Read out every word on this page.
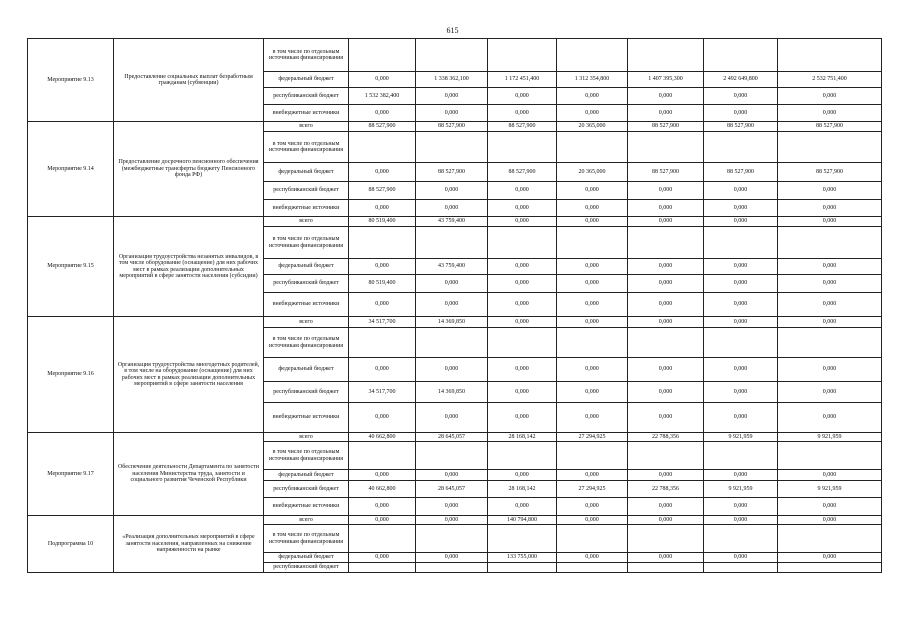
615
Мероприятие 9.13	Предоставление социальных выплат безработным гражданам (субвенции)	в том числе по отдельным источникам финансирования							
		федеральный бюджет	0,000	1 338 362,100	1 172 451,400	1 312 354,800	1 407 395,300	2 492 649,800	2 532 751,400
		республиканский бюджет	1 532 382,400	0,000	0,000	0,000	0,000	0,000	0,000
		внебюджетные источники	0,000	0,000	0,000	0,000	0,000	0,000	0,000
Мероприятие 9.14	Предоставление досрочного пенсионного обеспечения (межбюджетные трансферты бюджету Пенсионного фонда РФ)	всего	88 527,900	88 527,900	88 527,900	20 365,000	88 527,900	88 527,900	88 527,900
		в том числе по отдельным источникам финансирования							
		федеральный бюджет	0,000	88 527,900	88 527,900	20 365,000	88 527,900	88 527,900	88 527,900
		республиканский бюджет	88 527,900	0,000	0,000	0,000	0,000	0,000	0,000
		внебюджетные источники	0,000	0,000	0,000	0,000	0,000	0,000	0,000
Мероприятие 9.15	Организация трудоустройства незанятых инвалидов, в том числе оборудование (оснащение) для них рабочих мест в рамках реализации дополнительных мероприятий в сфере занятости населения (субсидии)	всего	80 519,400	43 759,400	0,000	0,000	0,000	0,000	0,000
		в том числе по отдельным источникам финансирования							
		федеральный бюджет	0,000	43 759,400	0,000	0,000	0,000	0,000	0,000
		республиканский бюджет	80 519,400	0,000	0,000	0,000	0,000	0,000	0,000
		внебюджетные источники	0,000	0,000	0,000	0,000	0,000	0,000	0,000
Мероприятие 9.16	Организация трудоустройства многодетных родителей, в том числе на оборудование (оснащение) для них рабочих мест в рамках реализации дополнительных мероприятий в сфере занятости населения	всего	34 517,700	14 369,850	0,000	0,000	0,000	0,000	0,000
		в том числе по отдельным источникам финансирования							
		федеральный бюджет	0,000	0,000	0,000	0,000	0,000	0,000	0,000
		республиканский бюджет	34 517,700	14 369,850	0,000	0,000	0,000	0,000	0,000
		внебюджетные источники	0,000	0,000	0,000	0,000	0,000	0,000	0,000
Мероприятие 9.17	Обеспечение деятельности Департамента по занятости населения Министерства труда, занятости и социального развития Чеченской Республики	всего	40 662,800	28 645,057	28 168,142	27 294,925	22 788,356	9 921,959	9 921,959
		в том числе по отдельным источникам финансирования							
		федеральный бюджет	0,000	0,000	0,000	0,000	0,000	0,000	0,000
		республиканский бюджет	40 662,800	28 645,057	28 168,142	27 294,925	22 788,356	9 921,959	9 921,959
		внебюджетные источники	0,000	0,000	0,000	0,000	0,000	0,000	0,000
Подпрограмма 10	«Реализация дополнительных мероприятий в сфере занятости населения, направленных на снижение напряженности на рынке	всего	0,000	0,000	140 794,800	0,000	0,000	0,000	0,000
		в том числе по отдельным источникам финансирования							
		федеральный бюджет	0,000	0,000	133 755,000	0,000	0,000	0,000	0,000
		республиканский бюджет							
